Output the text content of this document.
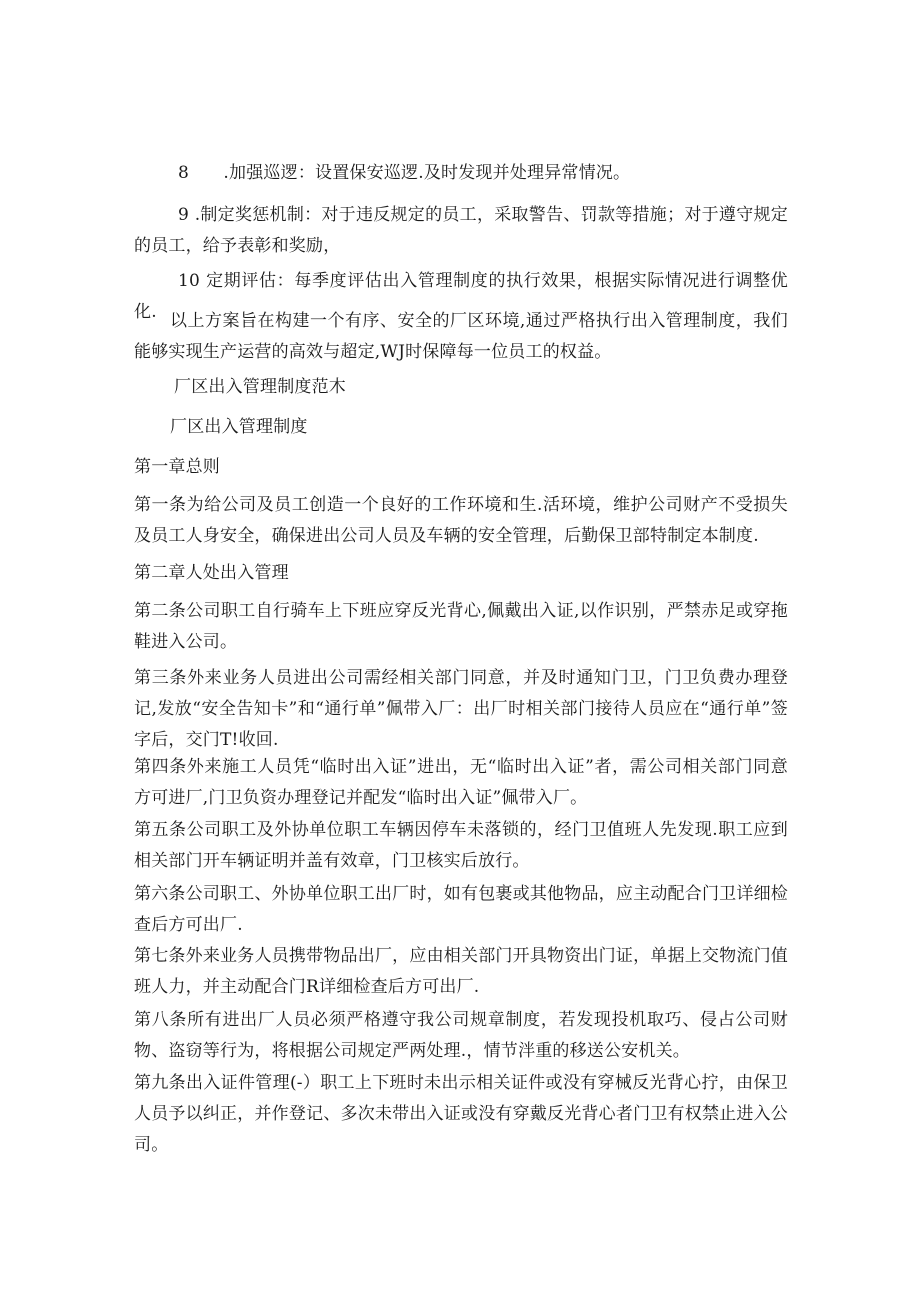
8　　.加强巡逻：设置保安巡逻.及时发现并处理异常情况。

9 .制定奖惩机制：对于违反规定的员工，采取警告、罚款等措施；对于遵守规定的员工，给予表彰和奖励，

10 定期评估：每季度评估出入管理制度的执行效果，根据实际情况进行调整优化. 以上方案旨在构建一个有序、安全的厂区环境,通过严格执行出入管理制度，我们能够实现生产运营的高效与超定,WJ时保障每一位员工的权益。

厂区出入管理制度范木

厂区出入管理制度

第一章总则

第一条为给公司及员工创造一个良好的工作环境和生.活环境，维护公司财产不受损失及员工人身安全，确保进出公司人员及车辆的安全管理，后勤保卫部特制定本制度.

第二章人处出入管理

第二条公司职工自行骑车上下班应穿反光背心,佩戴出入证,以作识别，严禁赤足或穿拖鞋进入公司。

第三条外来业务人员进出公司需经相关部门同意，并及时通知门卫，门卫负费办理登记,发放“安全告知卡”和“通行单”佩带入厂：出厂时相关部门接待人员应在“通行单”签字后，交门T!收回.

第四条外来施工人员凭“临时出入证”进出，无“临时出入证”者，需公司相关部门同意方可进厂,门卫负资办理登记并配发“临时出入证”佩带入厂。

第五条公司职工及外协单位职工车辆因停车未落锁的，经门卫值班人先发现.职工应到相关部门开车辆证明并盖有效章，门卫核实后放行。

第六条公司职工、外协单位职工出厂时，如有包裹或其他物品，应主动配合门卫详细检查后方可出厂.

第七条外来业务人员携带物品出厂，应由相关部门开具物资出门证，单据上交物流门值班人力，并主动配合门R详细检查后方可出厂.

第八条所有进出厂人员必须严格遵守我公司规章制度，若发现投机取巧、侵占公司财物、盗窃等行为，将根据公司规定严两处理.，情节泮重的移送公安机关。

第九条出入证件管理(-）职工上下班时未出示相关证件或没有穿械反光背心拧，由保卫人员予以纠正，并作登记、多次未带出入证或没有穿戴反光背心者门卫有权禁止进入公司。
